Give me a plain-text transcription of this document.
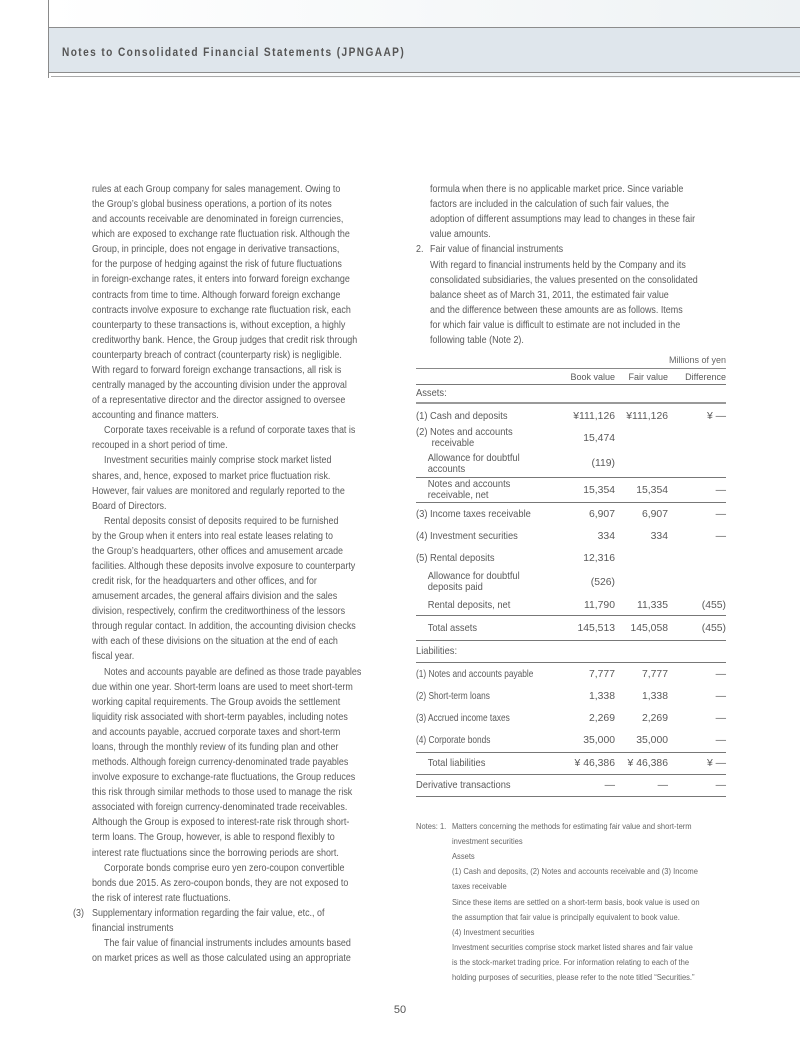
Notes to Consolidated Financial Statements (JPNGAAP)
rules at each Group company for sales management. Owing to
the Group’s global business operations, a portion of its notes
and accounts receivable are denominated in foreign currencies,
which are exposed to exchange rate fluctuation risk. Although the
Group, in principle, does not engage in derivative transactions,
for the purpose of hedging against the risk of future fluctuations
in foreign-exchange rates, it enters into forward foreign exchange
contracts from time to time. Although forward foreign exchange
contracts involve exposure to exchange rate fluctuation risk, each
counterparty to these transactions is, without exception, a highly
creditworthy bank. Hence, the Group judges that credit risk through
counterparty breach of contract (counterparty risk) is negligible.
With regard to forward foreign exchange transactions, all risk is
centrally managed by the accounting division under the approval
of a representative director and the director assigned to oversee
accounting and finance matters.
Corporate taxes receivable is a refund of corporate taxes that is
recouped in a short period of time.
Investment securities mainly comprise stock market listed
shares, and, hence, exposed to market price fluctuation risk.
However, fair values are monitored and regularly reported to the
Board of Directors.
Rental deposits consist of deposits required to be furnished
by the Group when it enters into real estate leases relating to
the Group’s headquarters, other offices and amusement arcade
facilities. Although these deposits involve exposure to counterparty
credit risk, for the headquarters and other offices, and for
amusement arcades, the general affairs division and the sales
division, respectively, confirm the creditworthiness of the lessors
through regular contact. In addition, the accounting division checks
with each of these divisions on the situation at the end of each
fiscal year.
Notes and accounts payable are defined as those trade payables
due within one year. Short-term loans are used to meet short-term
working capital requirements. The Group avoids the settlement
liquidity risk associated with short-term payables, including notes
and accounts payable, accrued corporate taxes and short-term
loans, through the monthly review of its funding plan and other
methods. Although foreign currency-denominated trade payables
involve exposure to exchange-rate fluctuations, the Group reduces
this risk through similar methods to those used to manage the risk
associated with foreign currency-denominated trade receivables.
Although the Group is exposed to interest-rate risk through short-
term loans. The Group, however, is able to respond flexibly to
interest rate fluctuations since the borrowing periods are short.
Corporate bonds comprise euro yen zero-coupon convertible
bonds due 2015. As zero-coupon bonds, they are not exposed to
the risk of interest rate fluctuations.
Supplementary information regarding the fair value, etc., of
(3)
financial instruments
The fair value of financial instruments includes amounts based
on market prices as well as those calculated using an appropriate
formula when there is no applicable market price. Since variable
factors are included in the calculation of such fair values, the
adoption of different assumptions may lead to changes in these fair
value amounts.
Fair value of financial instruments
2.
With regard to financial instruments held by the Company and its
consolidated subsidiaries, the values presented on the consolidated
balance sheet as of March 31, 2011, the estimated fair value
and the difference between these amounts are as follows. Items
for which fair value is difficult to estimate are not included in the
following table (Note 2).
Millions of yen
Book value Fair value Difference
Assets:
(1) Cash and deposits	¥111,126 ¥111,126	¥ —
(2) Notes and accounts
receivable	15,474
Allowance for doubtful
accounts	(119)
Notes and accounts
receivable, net	15,354 15,354	—
(3) Income taxes receivable	6,907	6,907	—
(4) Investment securities	334	334	—
(5) Rental deposits	12,316
Allowance for doubtful
deposits paid	(526)
Rental deposits, net	11,790 11,335	(455)
Total assets	145,513 145,058	(455)
Liabilities:
(1) Notes and accounts payable	7,777	7,777	—
(2) Short-term loans	1,338	1,338	—
(3) Accrued income taxes	2,269	2,269	—
(4) Corporate bonds	35,000 35,000	—
Total liabilities	¥ 46,386 ¥ 46,386	¥ —
Derivative transactions	—	—	—
Matters concerning the methods for estimating fair value and short-term
Notes: 1.
investment securities
Assets
(1) Cash and deposits, (2) Notes and accounts receivable and (3) Income
taxes receivable
Since these items are settled on a short-term basis, book value is used on
the assumption that fair value is principally equivalent to book value.
(4) Investment securities
Investment securities comprise stock market listed shares and fair value
is the stock-market trading price. For information relating to each of the
holding purposes of securities, please refer to the note titled “Securities.”
50
